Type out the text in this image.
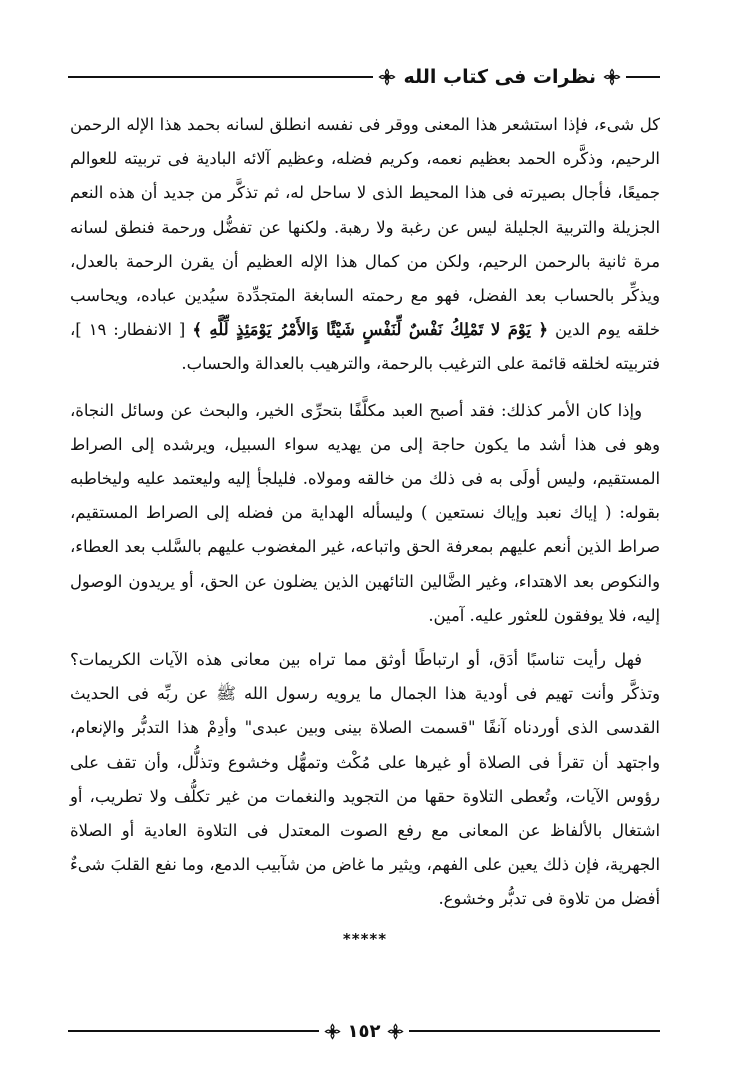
نظرات فى كتاب الله

كل شىء، فإذا استشعر هذا المعنى ووقر فى نفسه انطلق لسانه بحمد هذا الإله الرحمن الرحيم، وذكَّره الحمد بعظيم نعمه، وكريم فضله، وعظيم آلائه البادية فى تربيته للعوالم جميعًا، فأجال بصيرته فى هذا المحيط الذى لا ساحل له، ثم تذكَّر من جديد أن هذه النعم الجزيلة والتربية الجليلة ليس عن رغبة ولا رهبة. ولكنها عن تفضُّل ورحمة فنطق لسانه مرة ثانية بالرحمن الرحيم، ولكن من كمال هذا الإله العظيم أن يقرن الرحمة بالعدل، ويذكِّر بالحساب بعد الفضل، فهو مع رحمته السابغة المتجدِّدة سيُدين عباده، ويحاسب خلقه يوم الدين ﴿ يَوْمَ لا تَمْلِكُ نَفْسٌ لِّنَفْسٍ شَيْئًا وَالأَمْرُ يَوْمَئِذٍ لِّلَّهِ ﴾ [ الانفطار: ١٩ ]، فتربيته لخلقه قائمة على الترغيب بالرحمة، والترهيب بالعدالة والحساب.

وإذا كان الأمر كذلك: فقد أصبح العبد مكلَّفًا بتحرِّى الخير، والبحث عن وسائل النجاة، وهو فى هذا أشد ما يكون حاجة إلى من يهديه سواء السبيل، ويرشده إلى الصراط المستقيم، وليس أولَى به فى ذلك من خالقه ومولاه. فليلجأ إليه وليعتمد عليه وليخاطبه بقوله: ( إياك نعبد وإياك نستعين ) وليسأله الهداية من فضله إلى الصراط المستقيم، صراط الذين أنعم عليهم بمعرفة الحق واتباعه، غير المغضوب عليهم بالسَّلب بعد العطاء، والنكوص بعد الاهتداء، وغير الضَّالين التائهين الذين يضلون عن الحق، أو يريدون الوصول إليه، فلا يوفقون للعثور عليه. آمين.

فهل رأيت تناسبًا أدَق، أو ارتباطًا أوثق مما تراه بين معانى هذه الآيات الكريمات؟ وتذكَّر وأنت تهيم فى أودية هذا الجمال ما يرويه رسول الله ﷺ عن ربِّه فى الحديث القدسى الذى أوردناه آنفًا "قسمت الصلاة بينى وبين عبدى" وأدِمْ هذا التدبُّر والإنعام، واجتهد أن تقرأ فى الصلاة أو غيرها على مُكْث وتمهُّل وخشوع وتذلُّل، وأن تقف على رؤوس الآيات، وتُعطى التلاوة حقها من التجويد والنغمات من غير تكلُّف ولا تطريب، أو اشتغال بالألفاظ عن المعانى مع رفع الصوت المعتدل فى التلاوة العادية أو الصلاة الجهرية، فإن ذلك يعين على الفهم، ويثير ما غاض من شآبيب الدمع، وما نفع القلبَ شىءٌ أفضل من تلاوة فى تدبُّر وخشوع.

*****
١٥٢
